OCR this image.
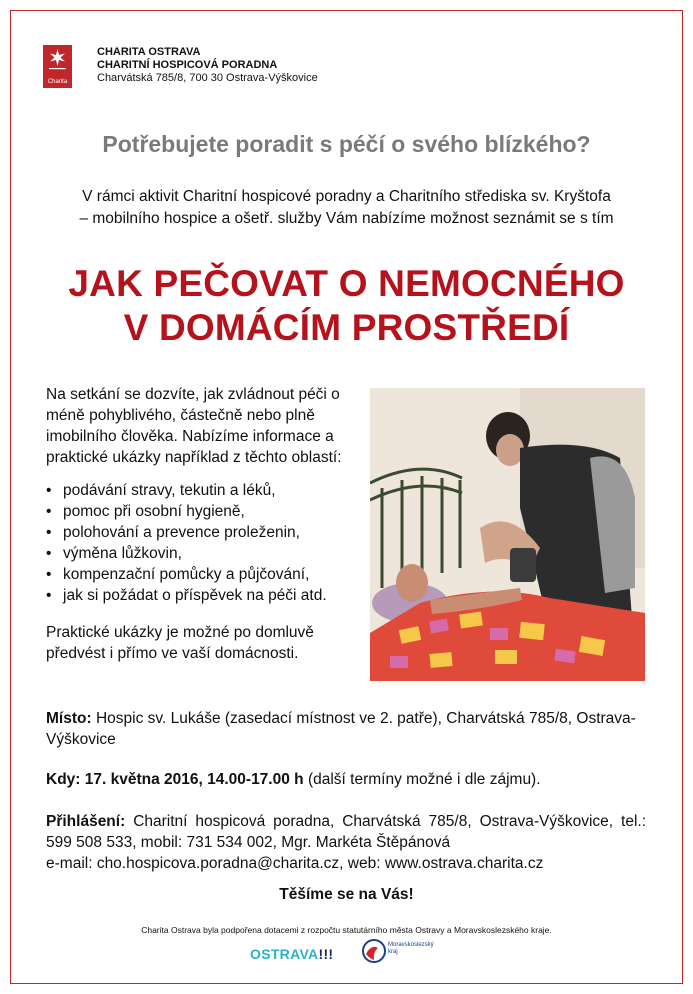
Charita
CHARITA OSTRAVA
CHARITNÍ HOSPICOVÁ PORADNA
Charvátská 785/8, 700 30 Ostrava-Výškovice
Potřebujete poradit s péčí o svého blízkého?
V rámci aktivit Charitní hospicové poradny a Charitního střediska sv. Kryštofa
– mobilního hospice a ošetř. služby Vám nabízíme možnost seznámit se s tím
JAK PEČOVAT O NEMOCNÉHO
V DOMÁCÍM PROSTŘEDÍ
Na setkání se dozvíte, jak zvládnout péči o méně pohyblivého, částečně nebo plně imobilního člověka. Nabízíme informace a praktické ukázky například z těchto oblastí:
• podávání stravy, tekutin a léků,
• pomoc při osobní hygieně,
• polohování a prevence proleženin,
• výměna lůžkovin,
• kompenzační pomůcky a půjčování,
• jak si požádat o příspěvek na péči atd.
Praktické ukázky je možné po domluvě předvést i přímo ve vaší domácnosti.
Místo: Hospic sv. Lukáše (zasedací místnost ve 2. patře), Charvátská 785/8, Ostrava-Výškovice
Kdy: 17. května 2016, 14.00-17.00 h (další termíny možné i dle zájmu).
Přihlášení: Charitní hospicová poradna, Charvátská 785/8, Ostrava-Výškovice, tel.: 599 508 533, mobil: 731 534 002, Mgr. Markéta Štěpánová
e-mail: cho.hospicova.poradna@charita.cz, web: www.ostrava.charita.cz
Těšíme se na Vás!
Charita Ostrava byla podpořena dotacemi z rozpočtu statutárního města Ostravy a Moravskoslezského kraje.
OSTRAVA!!!
Moravskoslezský
kraj
